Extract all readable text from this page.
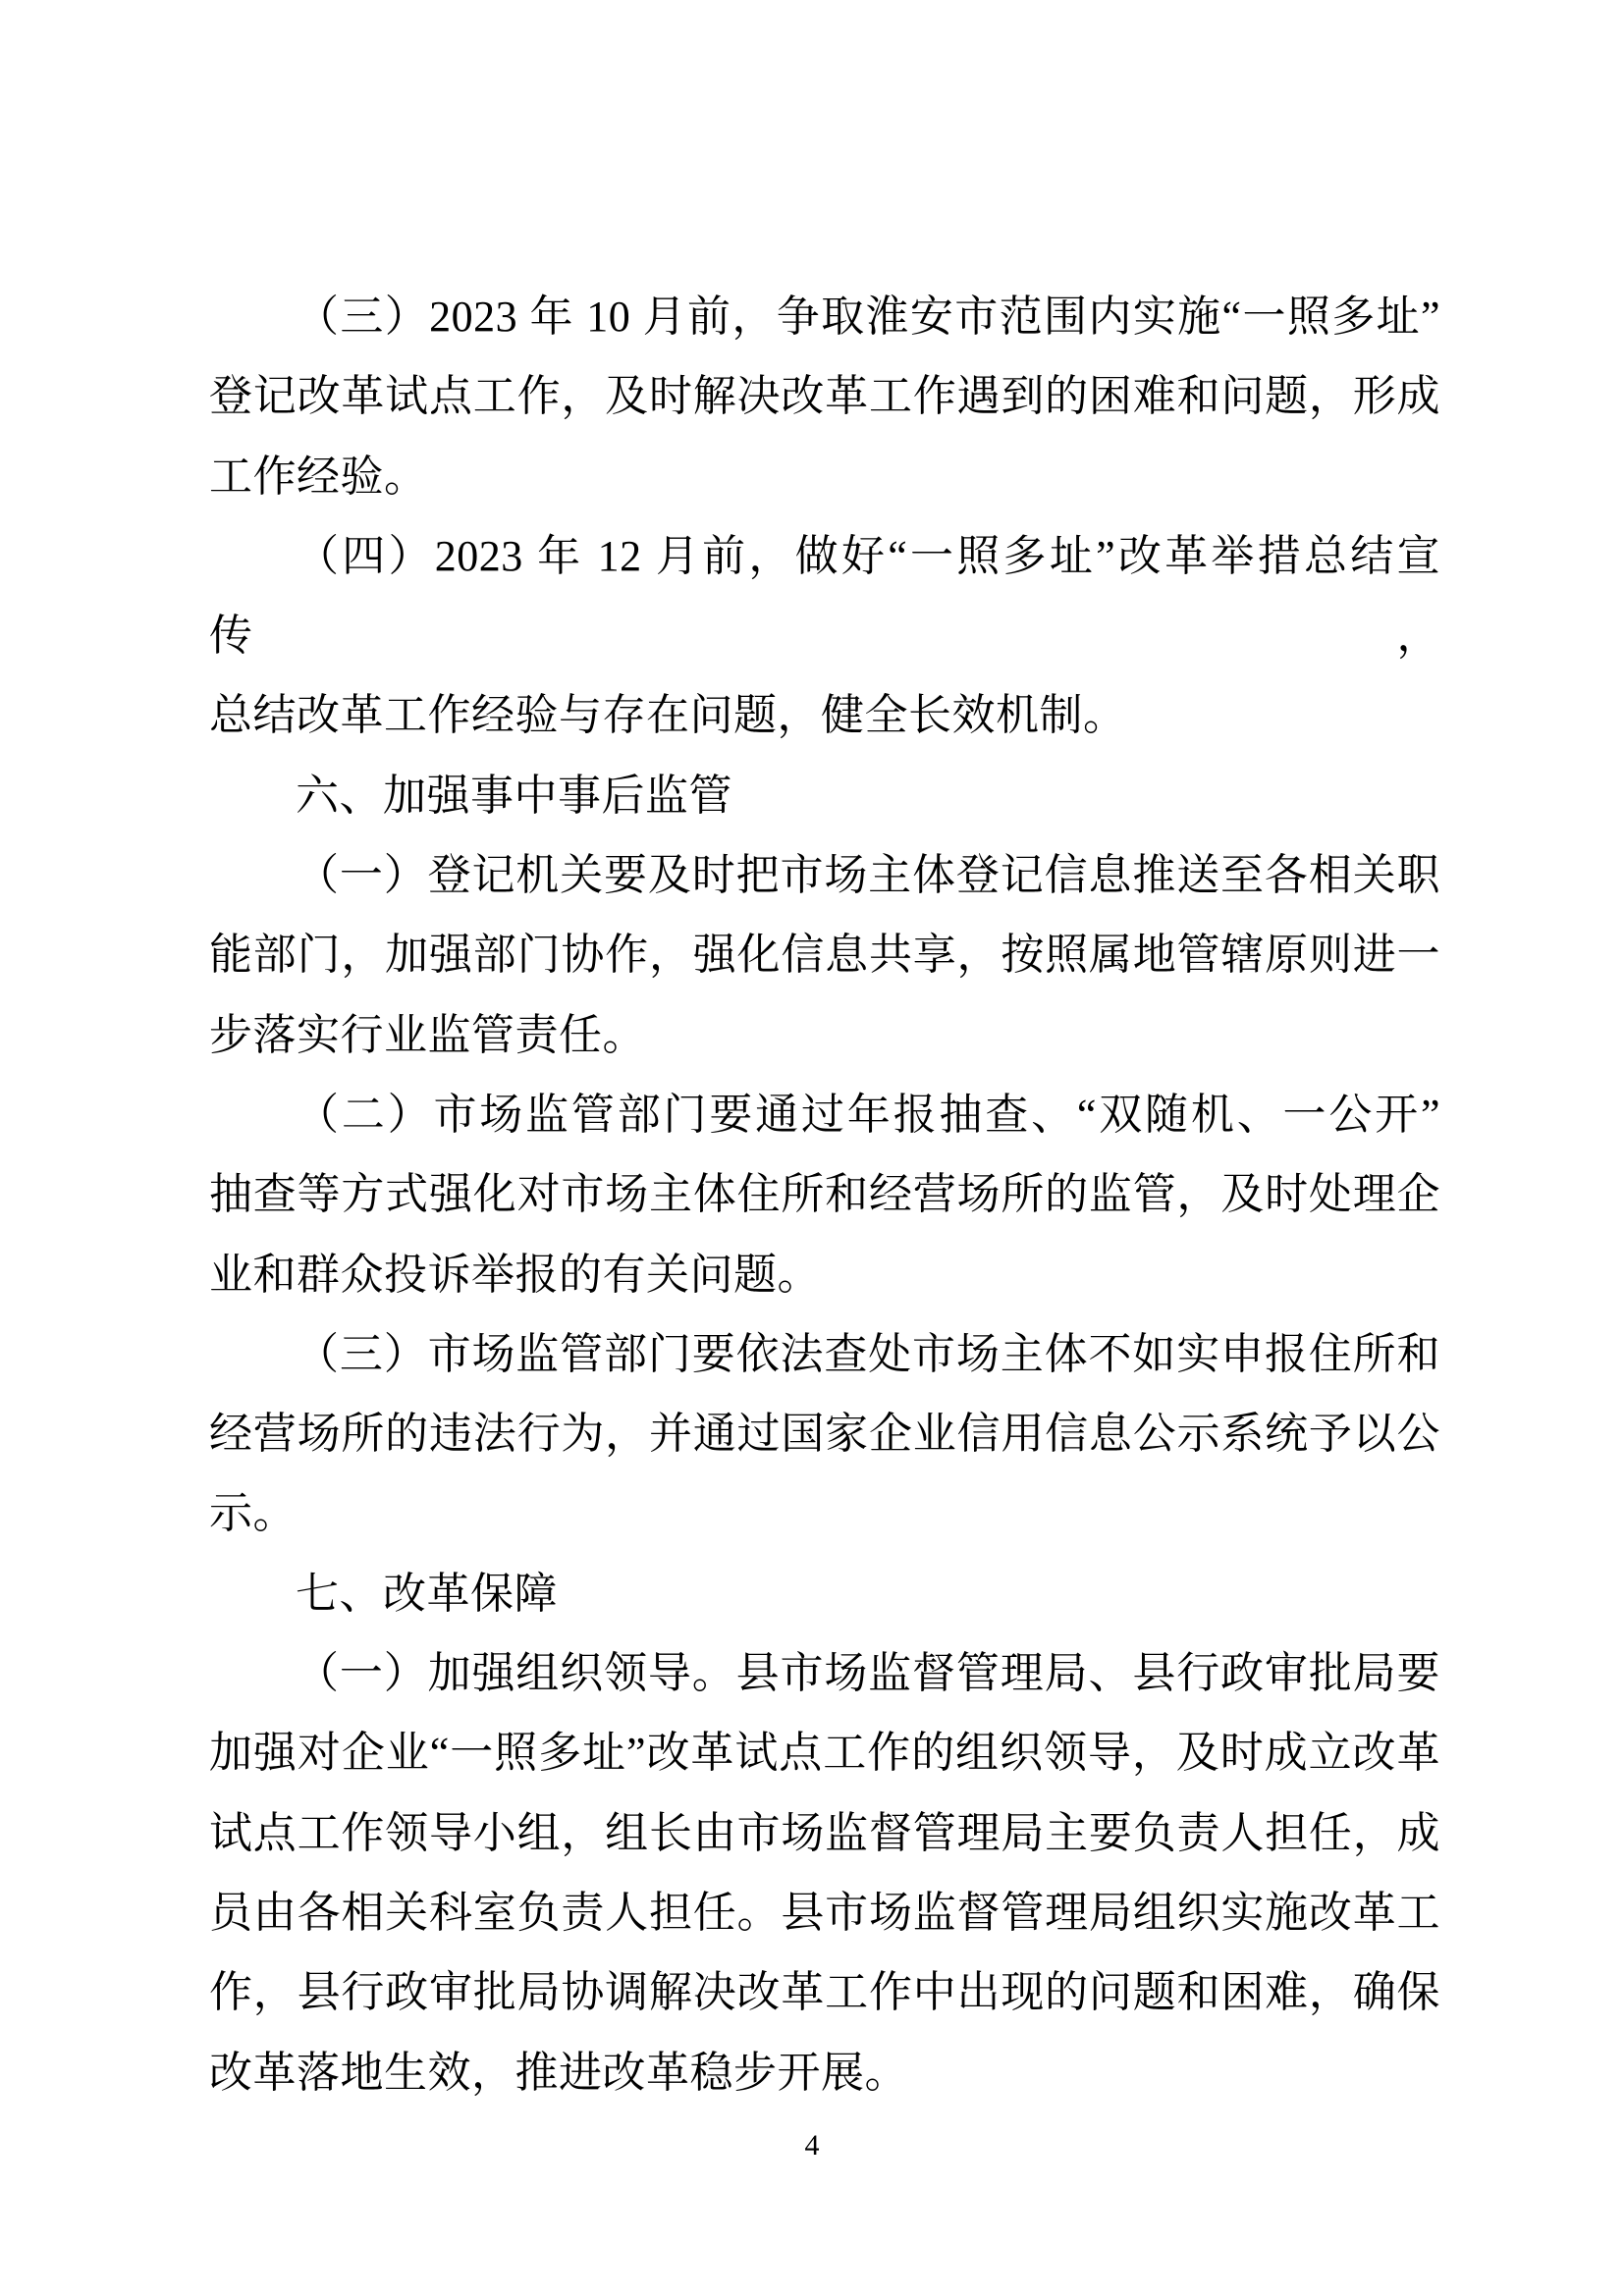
（三）2023 年 10 月前，争取淮安市范围内实施“一照多址”
登记改革试点工作，及时解决改革工作遇到的困难和问题，形成
工作经验。
（四）2023 年 12 月前，做好“一照多址”改革举措总结宣传，
总结改革工作经验与存在问题，健全长效机制。
六、加强事中事后监管
（一）登记机关要及时把市场主体登记信息推送至各相关职
能部门，加强部门协作，强化信息共享，按照属地管辖原则进一
步落实行业监管责任。
（二）市场监管部门要通过年报抽查、“双随机、一公开”
抽查等方式强化对市场主体住所和经营场所的监管，及时处理企
业和群众投诉举报的有关问题。
（三）市场监管部门要依法查处市场主体不如实申报住所和
经营场所的违法行为，并通过国家企业信用信息公示系统予以公
示。
七、改革保障
（一）加强组织领导。县市场监督管理局、县行政审批局要
加强对企业“一照多址”改革试点工作的组织领导，及时成立改革
试点工作领导小组，组长由市场监督管理局主要负责人担任，成
员由各相关科室负责人担任。县市场监督管理局组织实施改革工
作，县行政审批局协调解决改革工作中出现的问题和困难，确保
改革落地生效，推进改革稳步开展。
4
